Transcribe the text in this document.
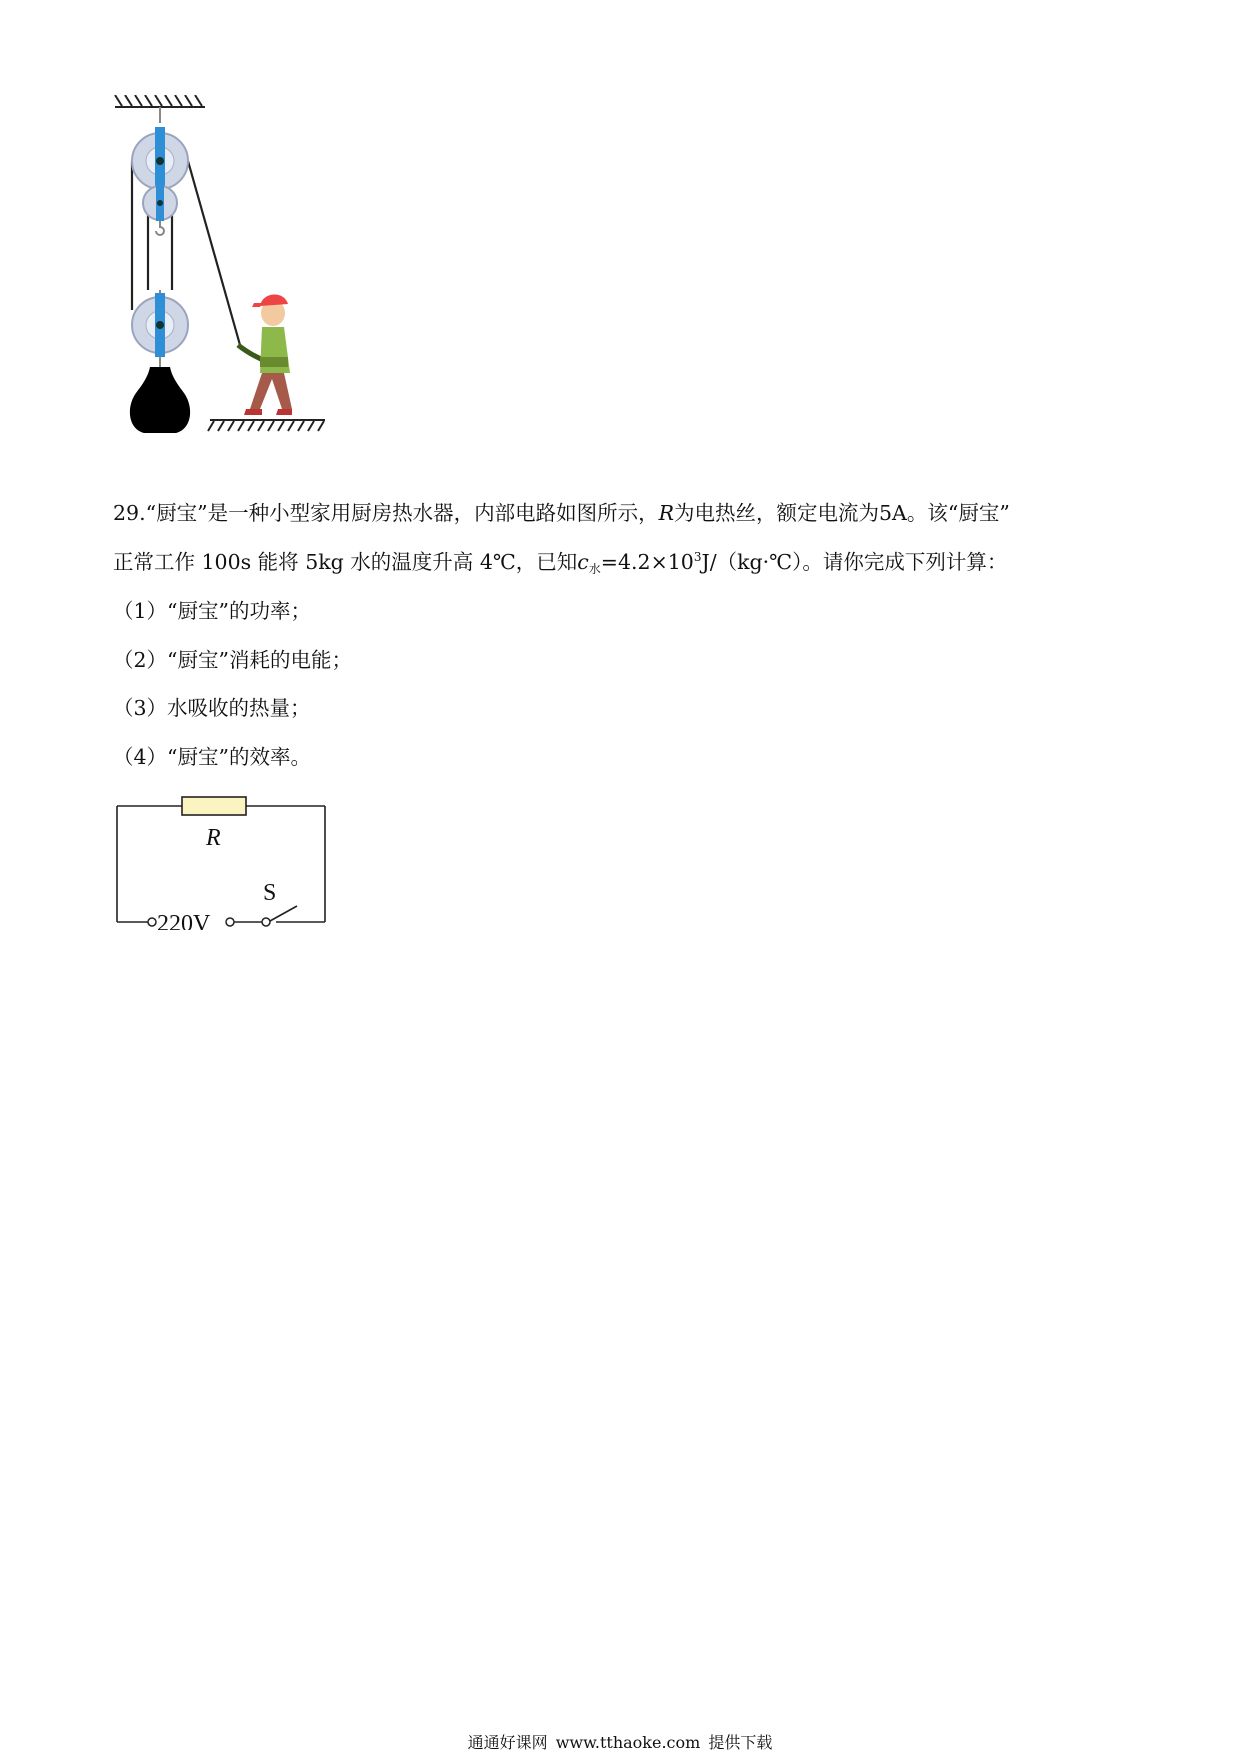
29.“厨宝”是一种小型家用厨房热水器，内部电路如图所示，R为电热丝，额定电流为5A。该“厨宝”
正常工作 100s 能将 5kg 水的温度升高 4℃，已知$c_水=4.2\times 10^3J/(kg\cdot℃)$。请你完成下列计算：
（1）“厨宝”的功率；
（2）“厨宝”消耗的电能；
（3）水吸收的热量；
（4）“厨宝”的效率。
R
220V
S
通通好课网 www.tthaoke.com 提供下载
